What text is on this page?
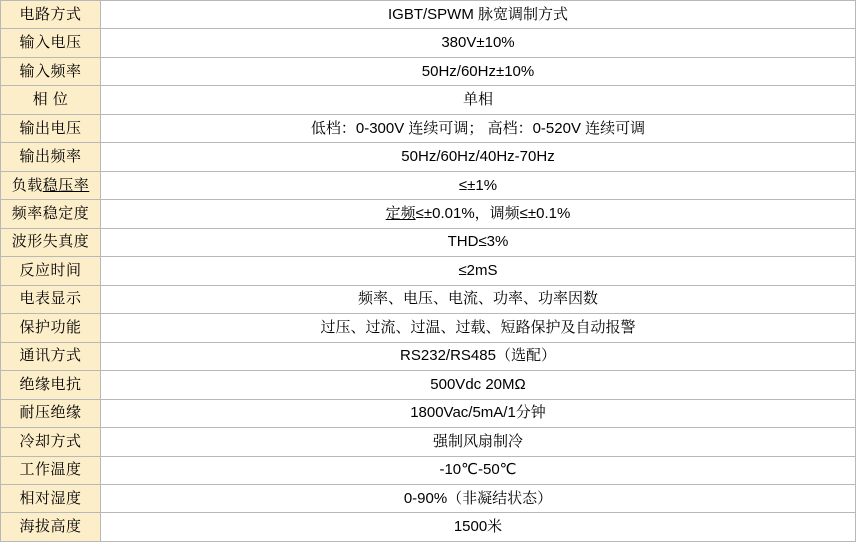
电路方式	IGBT/SPWM 脉宽调制方式
输入电压	380V±10%
输入频率	50Hz/60Hz±10%
相 位	单相
输出电压	低档：0-300V 连续可调； 高档：0-520V 连续可调
输出频率	50Hz/60Hz/40Hz-70Hz
负载稳压率	≤±1%
频率稳定度	定频≤±0.01%，调频≤±0.1%
波形失真度	THD≤3%
反应时间	≤2mS
电表显示	频率、电压、电流、功率、功率因数
保护功能	过压、过流、过温、过载、短路保护及自动报警
通讯方式	RS232/RS485（选配）
绝缘电抗	500Vdc 20MΩ
耐压绝缘	1800Vac/5mA/1分钟
冷却方式	强制风扇制冷
工作温度	-10℃-50℃
相对湿度	0-90%（非凝结状态）
海拔高度	1500米
